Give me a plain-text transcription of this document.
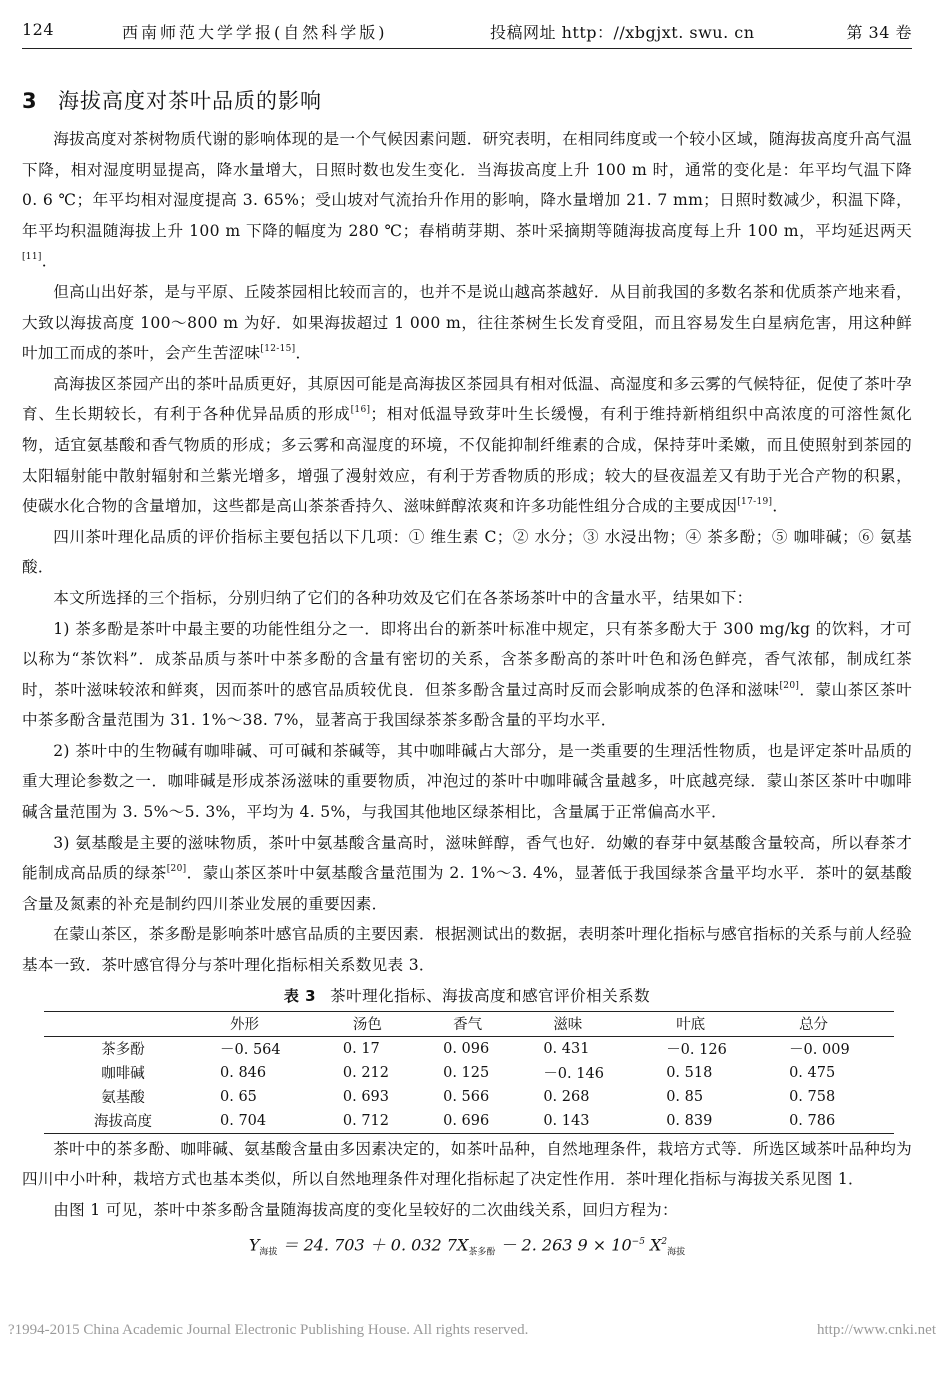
124	西南师范大学学报(自然科学版)	投稿网址 http：//xbgjxt. swu. cn	第 34 卷
3 海拔高度对茶叶品质的影响

海拔高度对茶树物质代谢的影响体现的是一个气候因素问题．研究表明，在相同纬度或一个较小区域，随海拔高度升高气温下降，相对湿度明显提高，降水量增大，日照时数也发生变化．当海拔高度上升 100 m 时，通常的变化是：年平均气温下降 0. 6 ℃；年平均相对湿度提高 3. 65%；受山坡对气流抬升作用的影响，降水量增加 21. 7 mm；日照时数减少，积温下降，年平均积温随海拔上升 100 m 下降的幅度为 280 ℃；春梢萌芽期、茶叶采摘期等随海拔高度每上升 100 m，平均延迟两天[11]．

但高山出好茶，是与平原、丘陵茶园相比较而言的，也并不是说山越高茶越好．从目前我国的多数名茶和优质茶产地来看，大致以海拔高度 100～800 m 为好．如果海拔超过 1 000 m，往往茶树生长发育受阻，而且容易发生白星病危害，用这种鲜叶加工而成的茶叶，会产生苦涩味[12-15]．

高海拔区茶园产出的茶叶品质更好，其原因可能是高海拔区茶园具有相对低温、高湿度和多云雾的气候特征，促使了茶叶孕育、生长期较长，有利于各种优异品质的形成[16]；相对低温导致芽叶生长缓慢，有利于维持新梢组织中高浓度的可溶性氮化物，适宜氨基酸和香气物质的形成；多云雾和高湿度的环境，不仅能抑制纤维素的合成，保持芽叶柔嫩，而且使照射到茶园的太阳辐射能中散射辐射和兰紫光增多，增强了漫射效应，有利于芳香物质的形成；较大的昼夜温差又有助于光合产物的积累，使碳水化合物的含量增加，这些都是高山茶茶香持久、滋味鲜醇浓爽和许多功能性组分合成的主要成因[17-19]．

四川茶叶理化品质的评价指标主要包括以下几项：① 维生素 C；② 水分；③ 水浸出物；④ 茶多酚；⑤ 咖啡碱；⑥ 氨基酸．

本文所选择的三个指标，分别归纳了它们的各种功效及它们在各茶场茶叶中的含量水平，结果如下：

1) 茶多酚是茶叶中最主要的功能性组分之一．即将出台的新茶叶标准中规定，只有茶多酚大于 300 mg/kg 的饮料，才可以称为“茶饮料”．成茶品质与茶叶中茶多酚的含量有密切的关系，含茶多酚高的茶叶叶色和汤色鲜亮，香气浓郁，制成红茶时，茶叶滋味较浓和鲜爽，因而茶叶的感官品质较优良．但茶多酚含量过高时反而会影响成茶的色泽和滋味[20]．蒙山茶区茶叶中茶多酚含量范围为 31. 1%～38. 7%，显著高于我国绿茶茶多酚含量的平均水平．

2) 茶叶中的生物碱有咖啡碱、可可碱和茶碱等，其中咖啡碱占大部分，是一类重要的生理活性物质，也是评定茶叶品质的重大理论参数之一．咖啡碱是形成茶汤滋味的重要物质，冲泡过的茶叶中咖啡碱含量越多，叶底越亮绿．蒙山茶区茶叶中咖啡碱含量范围为 3. 5%～5. 3%，平均为 4. 5%，与我国其他地区绿茶相比，含量属于正常偏高水平．

3) 氨基酸是主要的滋味物质，茶叶中氨基酸含量高时，滋味鲜醇，香气也好．幼嫩的春芽中氨基酸含量较高，所以春茶才能制成高品质的绿茶[20]．蒙山茶区茶叶中氨基酸含量范围为 2. 1%～3. 4%，显著低于我国绿茶含量平均水平．茶叶的氨基酸含量及氮素的补充是制约四川茶业发展的重要因素．

在蒙山茶区，茶多酚是影响茶叶感官品质的主要因素．根据测试出的数据，表明茶叶理化指标与感官指标的关系与前人经验基本一致．茶叶感官得分与茶叶理化指标相关系数见表 3．

表 3 茶叶理化指标、海拔高度和感官评价相关系数
	外形	汤色	香气	滋味	叶底	总分
茶多酚	－0. 564	0. 17	0. 096	0. 431	－0. 126	－0. 009
咖啡碱	0. 846	0. 212	0. 125	－0. 146	0. 518	0. 475
氨基酸	0. 65	0. 693	0. 566	0. 268	0. 85	0. 758
海拔高度	0. 704	0. 712	0. 696	0. 143	0. 839	0. 786

茶叶中的茶多酚、咖啡碱、氨基酸含量由多因素决定的，如茶叶品种，自然地理条件，栽培方式等．所选区域茶叶品种均为四川中小叶种，栽培方式也基本类似，所以自然地理条件对理化指标起了决定性作用．茶叶理化指标与海拔关系见图 1．

由图 1 可见，茶叶中茶多酚含量随海拔高度的变化呈较好的二次曲线关系，回归方程为：

$Y_{海拔} = 24$. 703 ＋ 0. 032 $7X_{茶多酚} - 2$. 263 $9 \times 10^{-5}$ $X^2_{海拔}$
?1994-2015 China Academic Journal Electronic Publishing House. All rights reserved.	http://www.cnki.net
